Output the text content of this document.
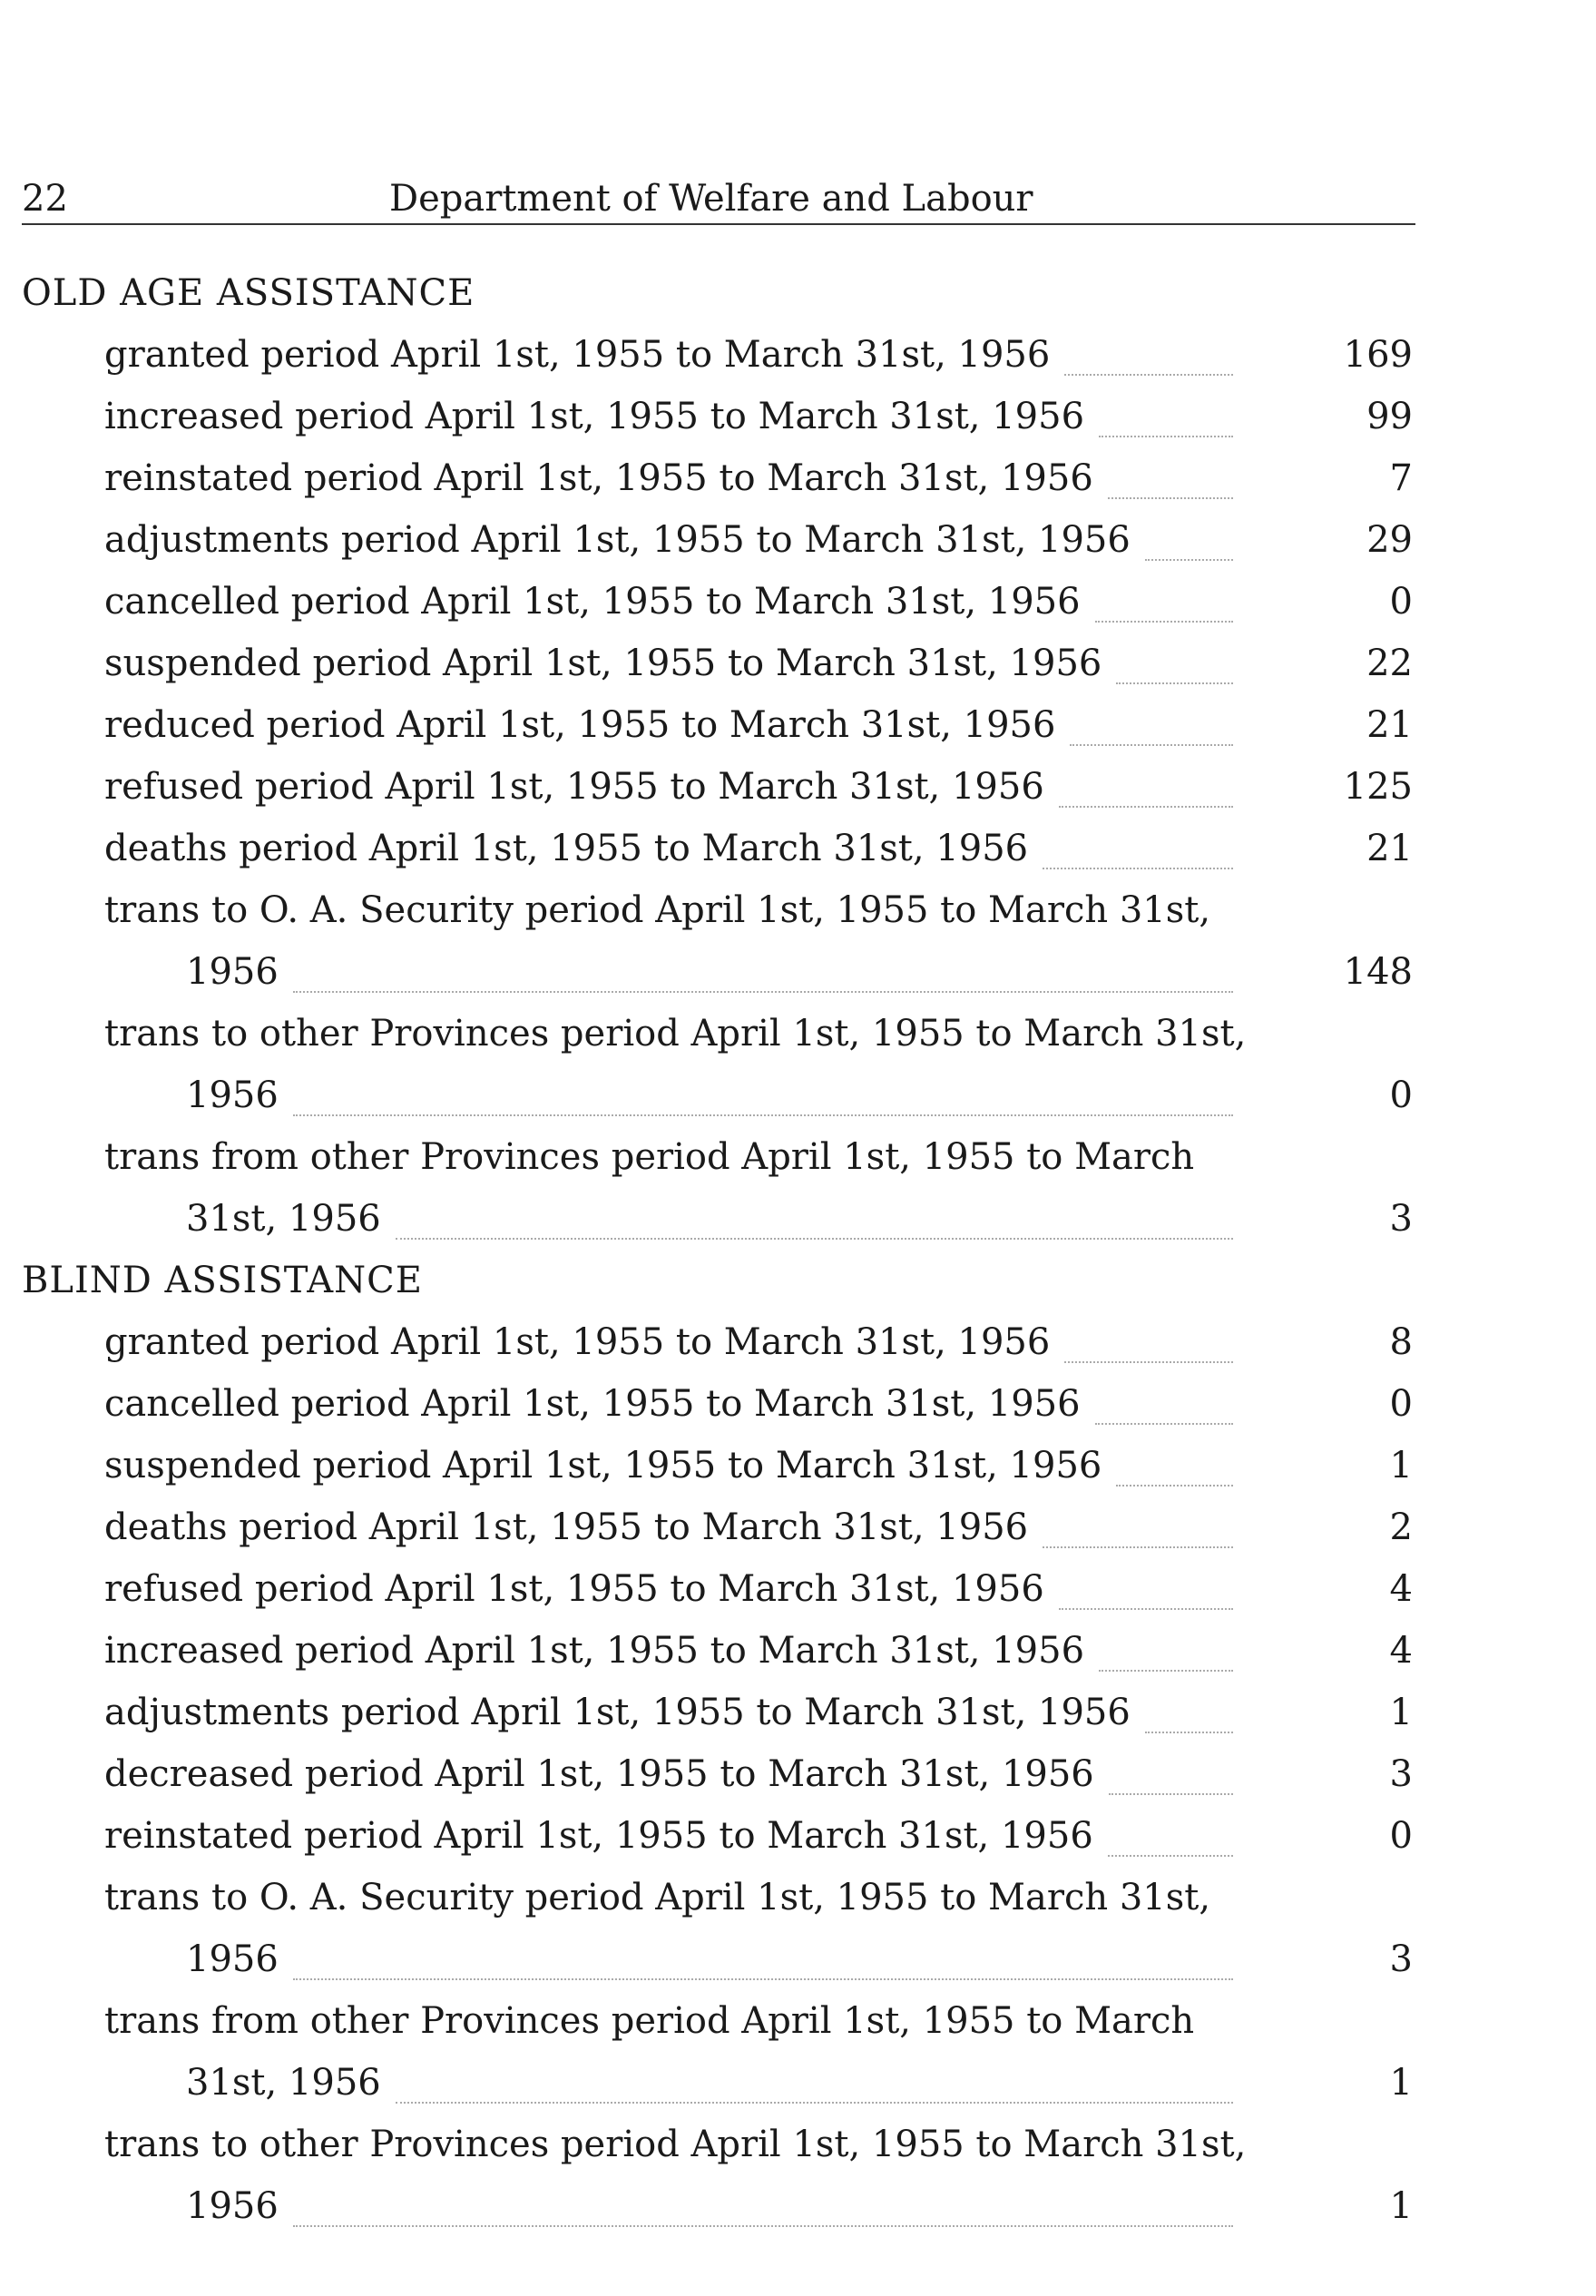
22	Department of Welfare and Labour
OLD AGE ASSISTANCE
granted period April 1st, 1955 to March 31st, 1956	169
increased period April 1st, 1955 to March 31st, 1956	99
reinstated period April 1st, 1955 to March 31st, 1956	7
adjustments period April 1st, 1955 to March 31st, 1956	29
cancelled period April 1st, 1955 to March 31st, 1956	0
suspended period April 1st, 1955 to March 31st, 1956	22
reduced period April 1st, 1955 to March 31st, 1956	21
refused period April 1st, 1955 to March 31st, 1956	125
deaths period April 1st, 1955 to March 31st, 1956	21
trans to O. A. Security period April 1st, 1955 to March 31st,
1956	148
trans to other Provinces period April 1st, 1955 to March 31st,
1956	0
trans from other Provinces period April 1st, 1955 to March
31st, 1956	3
BLIND ASSISTANCE
granted period April 1st, 1955 to March 31st, 1956	8
cancelled period April 1st, 1955 to March 31st, 1956	0
suspended period April 1st, 1955 to March 31st, 1956	1
deaths period April 1st, 1955 to March 31st, 1956	2
refused period April 1st, 1955 to March 31st, 1956	4
increased period April 1st, 1955 to March 31st, 1956	4
adjustments period April 1st, 1955 to March 31st, 1956	1
decreased period April 1st, 1955 to March 31st, 1956	3
reinstated period April 1st, 1955 to March 31st, 1956	0
trans to O. A. Security period April 1st, 1955 to March 31st,
1956	3
trans from other Provinces period April 1st, 1955 to March
31st, 1956	1
trans to other Provinces period April 1st, 1955 to March 31st,
1956	1
